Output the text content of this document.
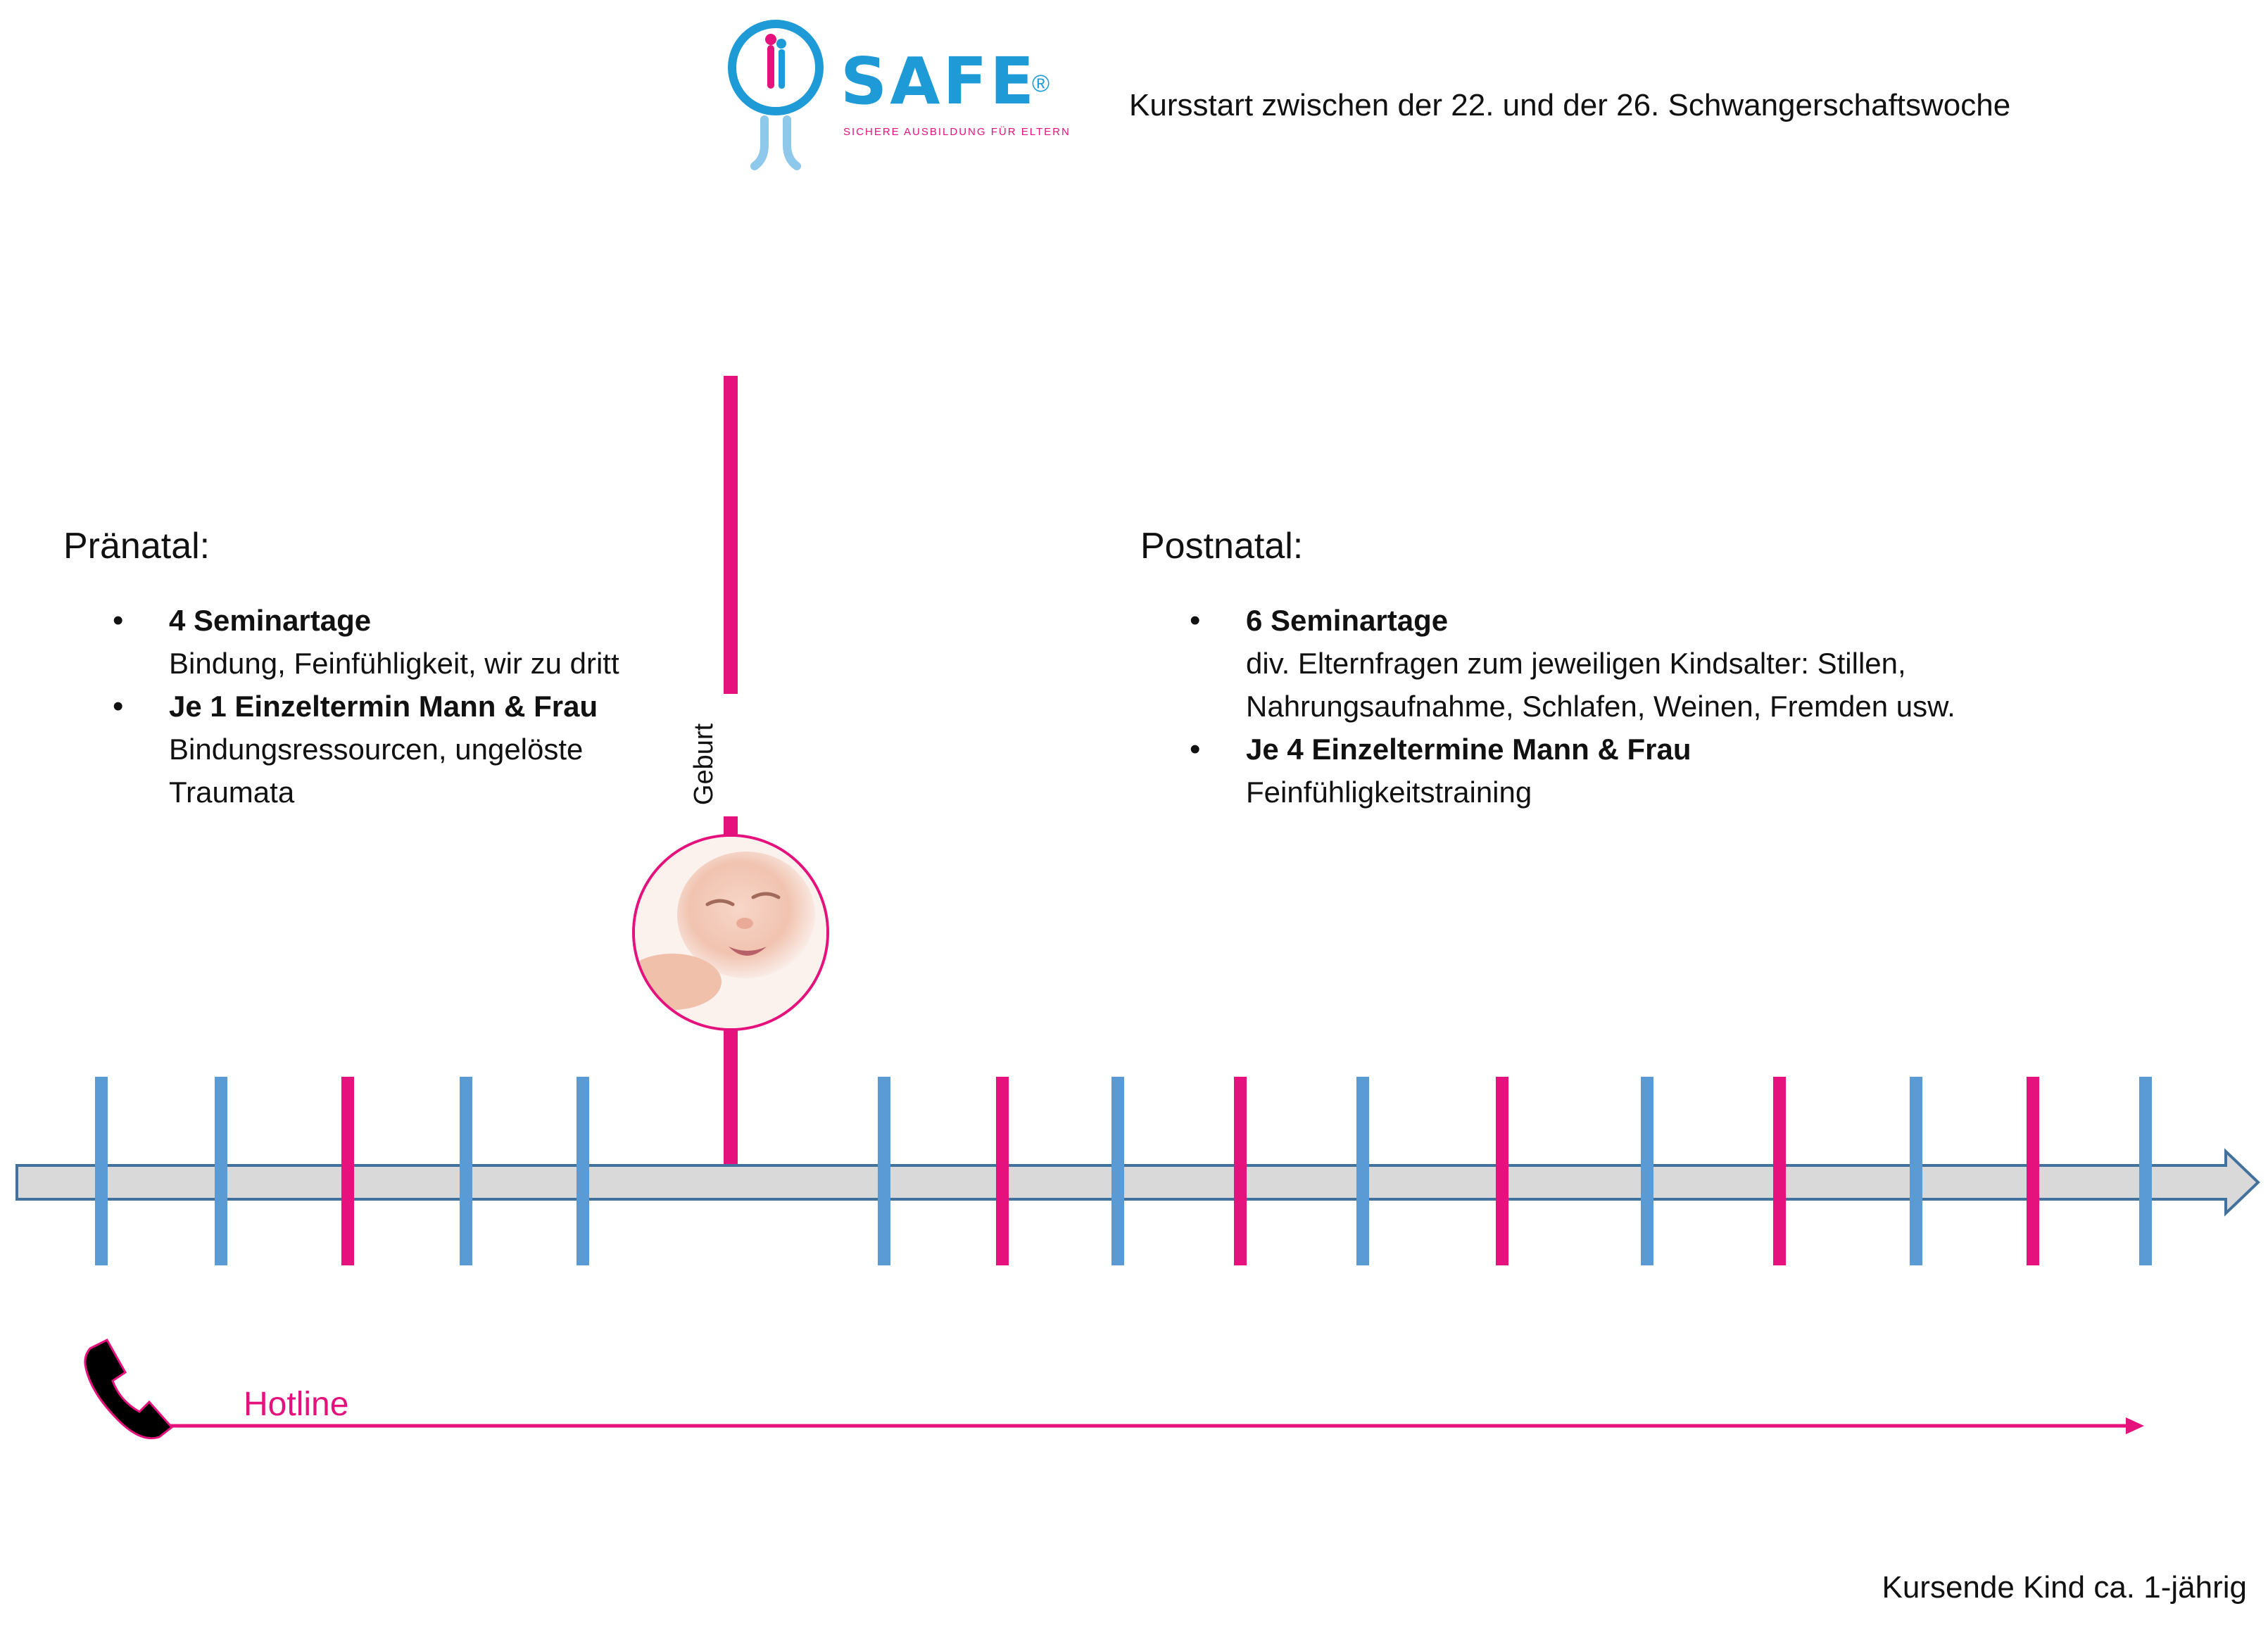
SAFE
®
SICHERE AUSBILDUNG FÜR ELTERN
Kursstart zwischen der 22. und der 26. Schwangerschaftswoche
Pränatal:
• 4 Seminartage
Bindung, Feinfühligkeit, wir zu dritt
• Je 1 Einzeltermin Mann & Frau
Bindungsressourcen, ungelöste Traumata
Postnatal:
• 6 Seminartage
div. Elternfragen zum jeweiligen Kindsalter: Stillen, Nahrungsaufnahme, Schlafen, Weinen, Fremden usw.
• Je 4 Einzeltermine Mann & Frau
Feinfühligkeitstraining
Geburt
Hotline
Kursende Kind ca. 1-jährig
